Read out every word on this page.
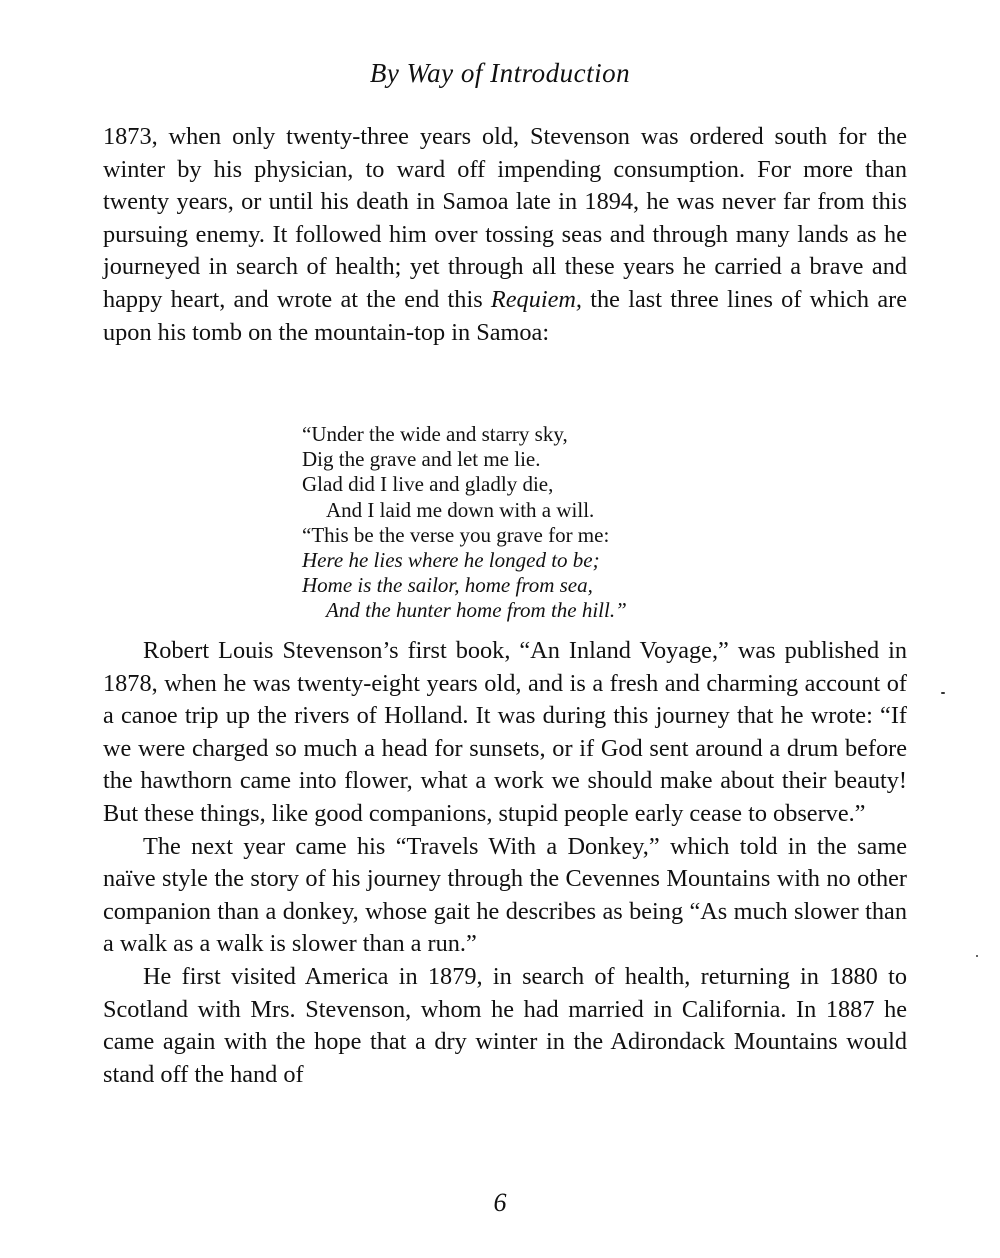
By Way of Introduction

1873, when only twenty-three years old, Stevenson was ordered south for the winter by his physician, to ward off impending consumption. For more than twenty years, or until his death in Samoa late in 1894, he was never far from this pursuing enemy. It followed him over tossing seas and through many lands as he journeyed in search of health; yet through all these years he carried a brave and happy heart, and wrote at the end this Requiem, the last three lines of which are upon his tomb on the mountain-top in Samoa:

“Under the wide and starry sky,
Dig the grave and let me lie.
Glad did I live and gladly die,
And I laid me down with a will.
“This be the verse you grave for me:
Here he lies where he longed to be;
Home is the sailor, home from sea,
And the hunter home from the hill.”

Robert Louis Stevenson’s first book, “An Inland Voyage,” was published in 1878, when he was twenty-eight years old, and is a fresh and charming account of a canoe trip up the rivers of Holland. It was during this journey that he wrote: “If we were charged so much a head for sunsets, or if God sent around a drum before the hawthorn came into flower, what a work we should make about their beauty! But these things, like good companions, stupid people early cease to observe.”

The next year came his “Travels With a Donkey,” which told in the same naïve style the story of his journey through the Cevennes Mountains with no other companion than a donkey, whose gait he describes as being “As much slower than a walk as a walk is slower than a run.”

He first visited America in 1879, in search of health, returning in 1880 to Scotland with Mrs. Stevenson, whom he had married in California. In 1887 he came again with the hope that a dry winter in the Adirondack Mountains would stand off the hand of

6
